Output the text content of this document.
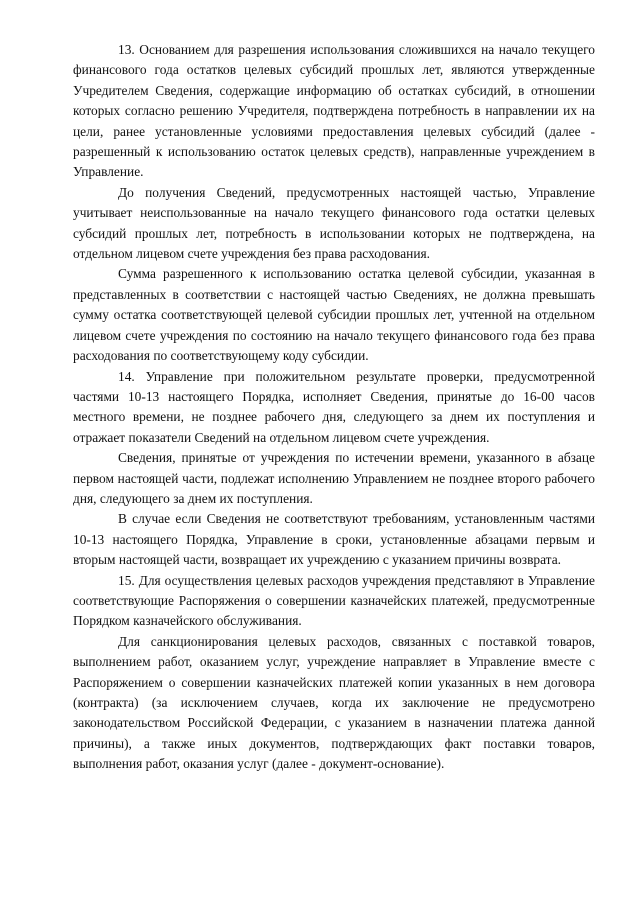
13. Основанием для разрешения использования сложившихся на начало текущего финансового года остатков целевых субсидий прошлых лет, являются утвержденные Учредителем Сведения, содержащие информацию об остатках субсидий, в отношении которых согласно решению Учредителя, подтверждена потребность в направлении их на цели, ранее установленные условиями предоставления целевых субсидий (далее - разрешенный к использованию остаток целевых средств), направленные учреждением в Управление.

До получения Сведений, предусмотренных настоящей частью, Управление учитывает неиспользованные на начало текущего финансового года остатки целевых субсидий прошлых лет, потребность в использовании которых не подтверждена, на отдельном лицевом счете учреждения без права расходования.

Сумма разрешенного к использованию остатка целевой субсидии, указанная в представленных в соответствии с настоящей частью Сведениях, не должна превышать сумму остатка соответствующей целевой субсидии прошлых лет, учтенной на отдельном лицевом счете учреждения по состоянию на начало текущего финансового года без права расходования по соответствующему коду субсидии.

14. Управление при положительном результате проверки, предусмотренной частями 10-13 настоящего Порядка, исполняет Сведения, принятые до 16-00 часов местного времени, не позднее рабочего дня, следующего за днем их поступления и отражает показатели Сведений на отдельном лицевом счете учреждения.

Сведения, принятые от учреждения по истечении времени, указанного в абзаце первом настоящей части, подлежат исполнению Управлением не позднее второго рабочего дня, следующего за днем их поступления.

В случае если Сведения не соответствуют требованиям, установленным частями 10-13 настоящего Порядка, Управление в сроки, установленные абзацами первым и вторым настоящей части, возвращает их учреждению с указанием причины возврата.

15. Для осуществления целевых расходов учреждения представляют в Управление соответствующие Распоряжения о совершении казначейских платежей, предусмотренные Порядком казначейского обслуживания.

Для санкционирования целевых расходов, связанных с поставкой товаров, выполнением работ, оказанием услуг, учреждение направляет в Управление вместе с Распоряжением о совершении казначейских платежей копии указанных в нем договора (контракта) (за исключением случаев, когда их заключение не предусмотрено законодательством Российской Федерации, с указанием в назначении платежа данной причины), а также иных документов, подтверждающих факт поставки товаров, выполнения работ, оказания услуг (далее - документ-основание).
